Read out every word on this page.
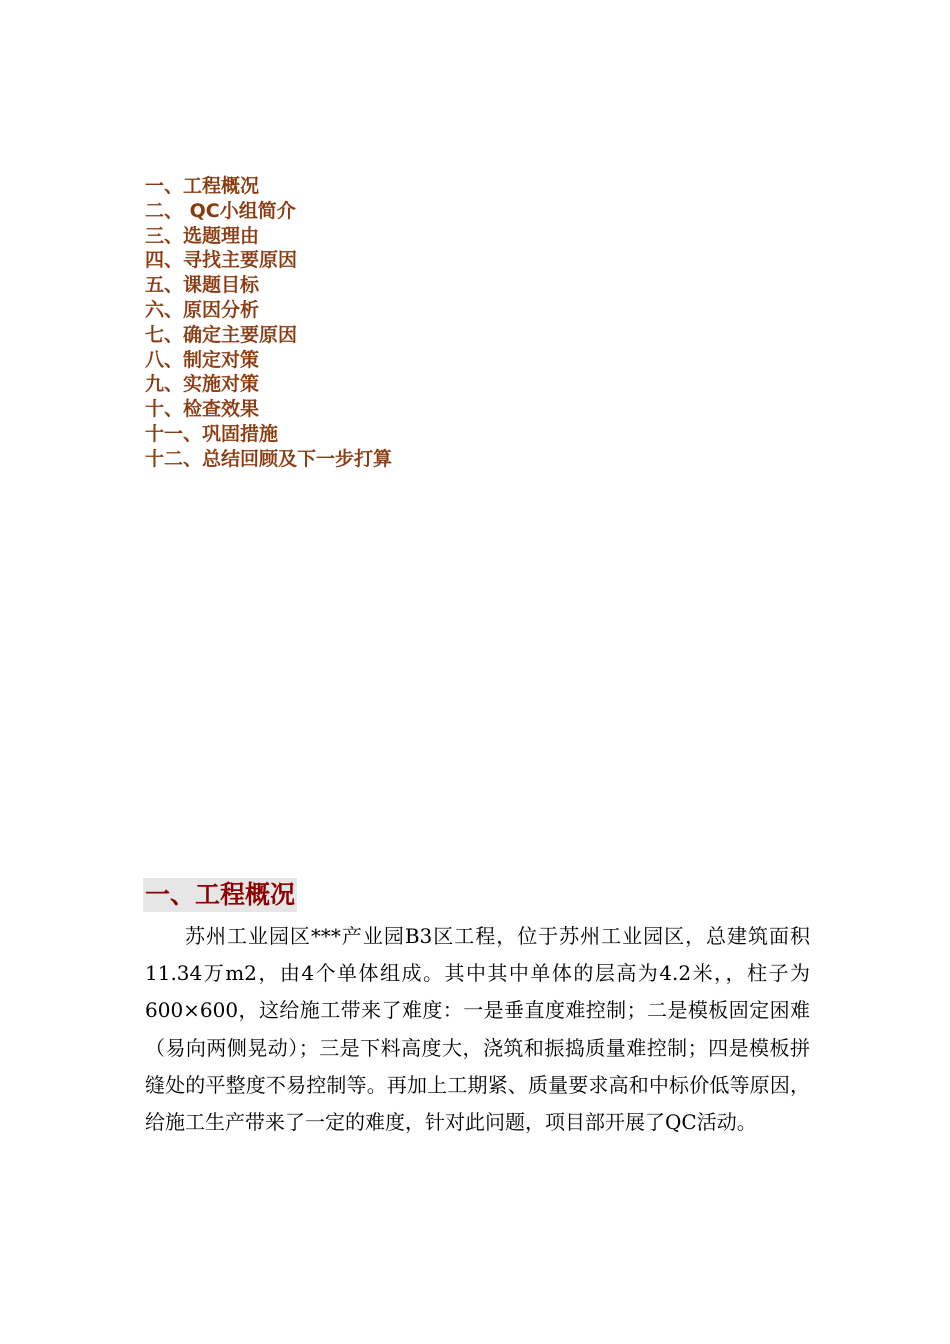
一、工程概况
二、 QC小组简介
三、选题理由
四、寻找主要原因
五、课题目标
六、原因分析
七、确定主要原因
八、制定对策
九、实施对策
十、检查效果
十一、巩固措施
十二、总结回顾及下一步打算
一、工程概况

苏州工业园区***产业园B3区工程，位于苏州工业园区，总建筑面积11.34万m2，由4个单体组成。其中其中单体的层高为4.2米，，柱子为600×600，这给施工带来了难度：一是垂直度难控制；二是模板固定困难（易向两侧晃动）；三是下料高度大，浇筑和振捣质量难控制；四是模板拼缝处的平整度不易控制等。再加上工期紧、质量要求高和中标价低等原因，给施工生产带来了一定的难度，针对此问题，项目部开展了QC活动。
